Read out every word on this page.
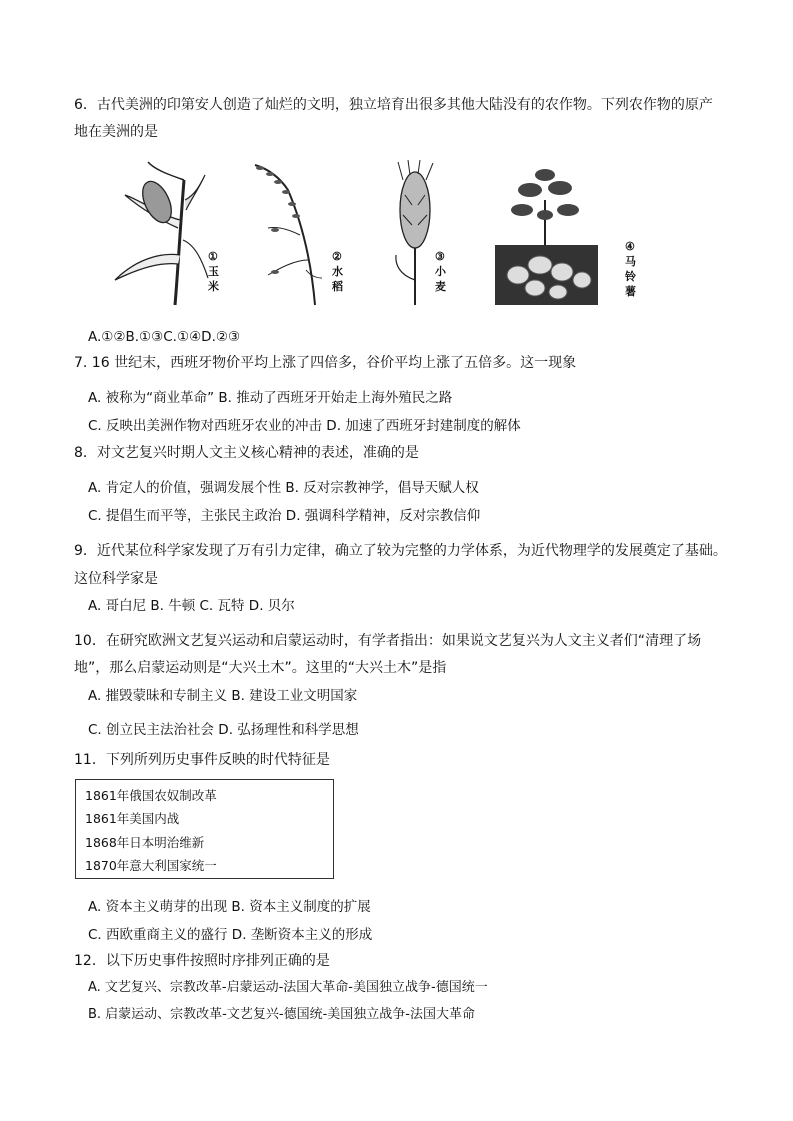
6．古代美洲的印第安人创造了灿烂的文明，独立培育出很多其他大陆没有的农作物。下列农作物的原产
地在美洲的是
①
玉
米
②
水
稻
③
小
麦
④
马
铃
薯
A.①②B.①③C.①④D.②③
7. 16 世纪末，西班牙物价平均上涨了四倍多，谷价平均上涨了五倍多。这一现象
A. 被称为“商业革命” B. 推动了西班牙开始走上海外殖民之路
C. 反映出美洲作物对西班牙农业的冲击 D. 加速了西班牙封建制度的解体
8．对文艺复兴时期人文主义核心精神的表述，准确的是
A. 肯定人的价值，强调发展个性 B. 反对宗教神学，倡导天赋人权
C. 提倡生而平等，主张民主政治 D. 强调科学精神，反对宗教信仰
9．近代某位科学家发现了万有引力定律，确立了较为完整的力学体系，为近代物理学的发展奠定了基础。
这位科学家是
A. 哥白尼 B. 牛顿 C. 瓦特 D. 贝尔
10．在研究欧洲文艺复兴运动和启蒙运动时，有学者指出：如果说文艺复兴为人文主义者们“清理了场
地”，那么启蒙运动则是“大兴土木”。这里的“大兴土木”是指
A. 摧毁蒙昧和专制主义 B. 建设工业文明国家
C. 创立民主法治社会 D. 弘扬理性和科学思想
11．下列所列历史事件反映的时代特征是
1861年俄国农奴制改革
1861年美国内战
1868年日本明治维新
1870年意大利国家统一
A. 资本主义萌芽的出现 B. 资本主义制度的扩展
C. 西欧重商主义的盛行 D. 垄断资本主义的形成
12．以下历史事件按照时序排列正确的是
A. 文艺复兴、宗教改革-启蒙运动-法国大革命-美国独立战争-德国统一
B. 启蒙运动、宗教改革-文艺复兴-德国统-美国独立战争-法国大革命
